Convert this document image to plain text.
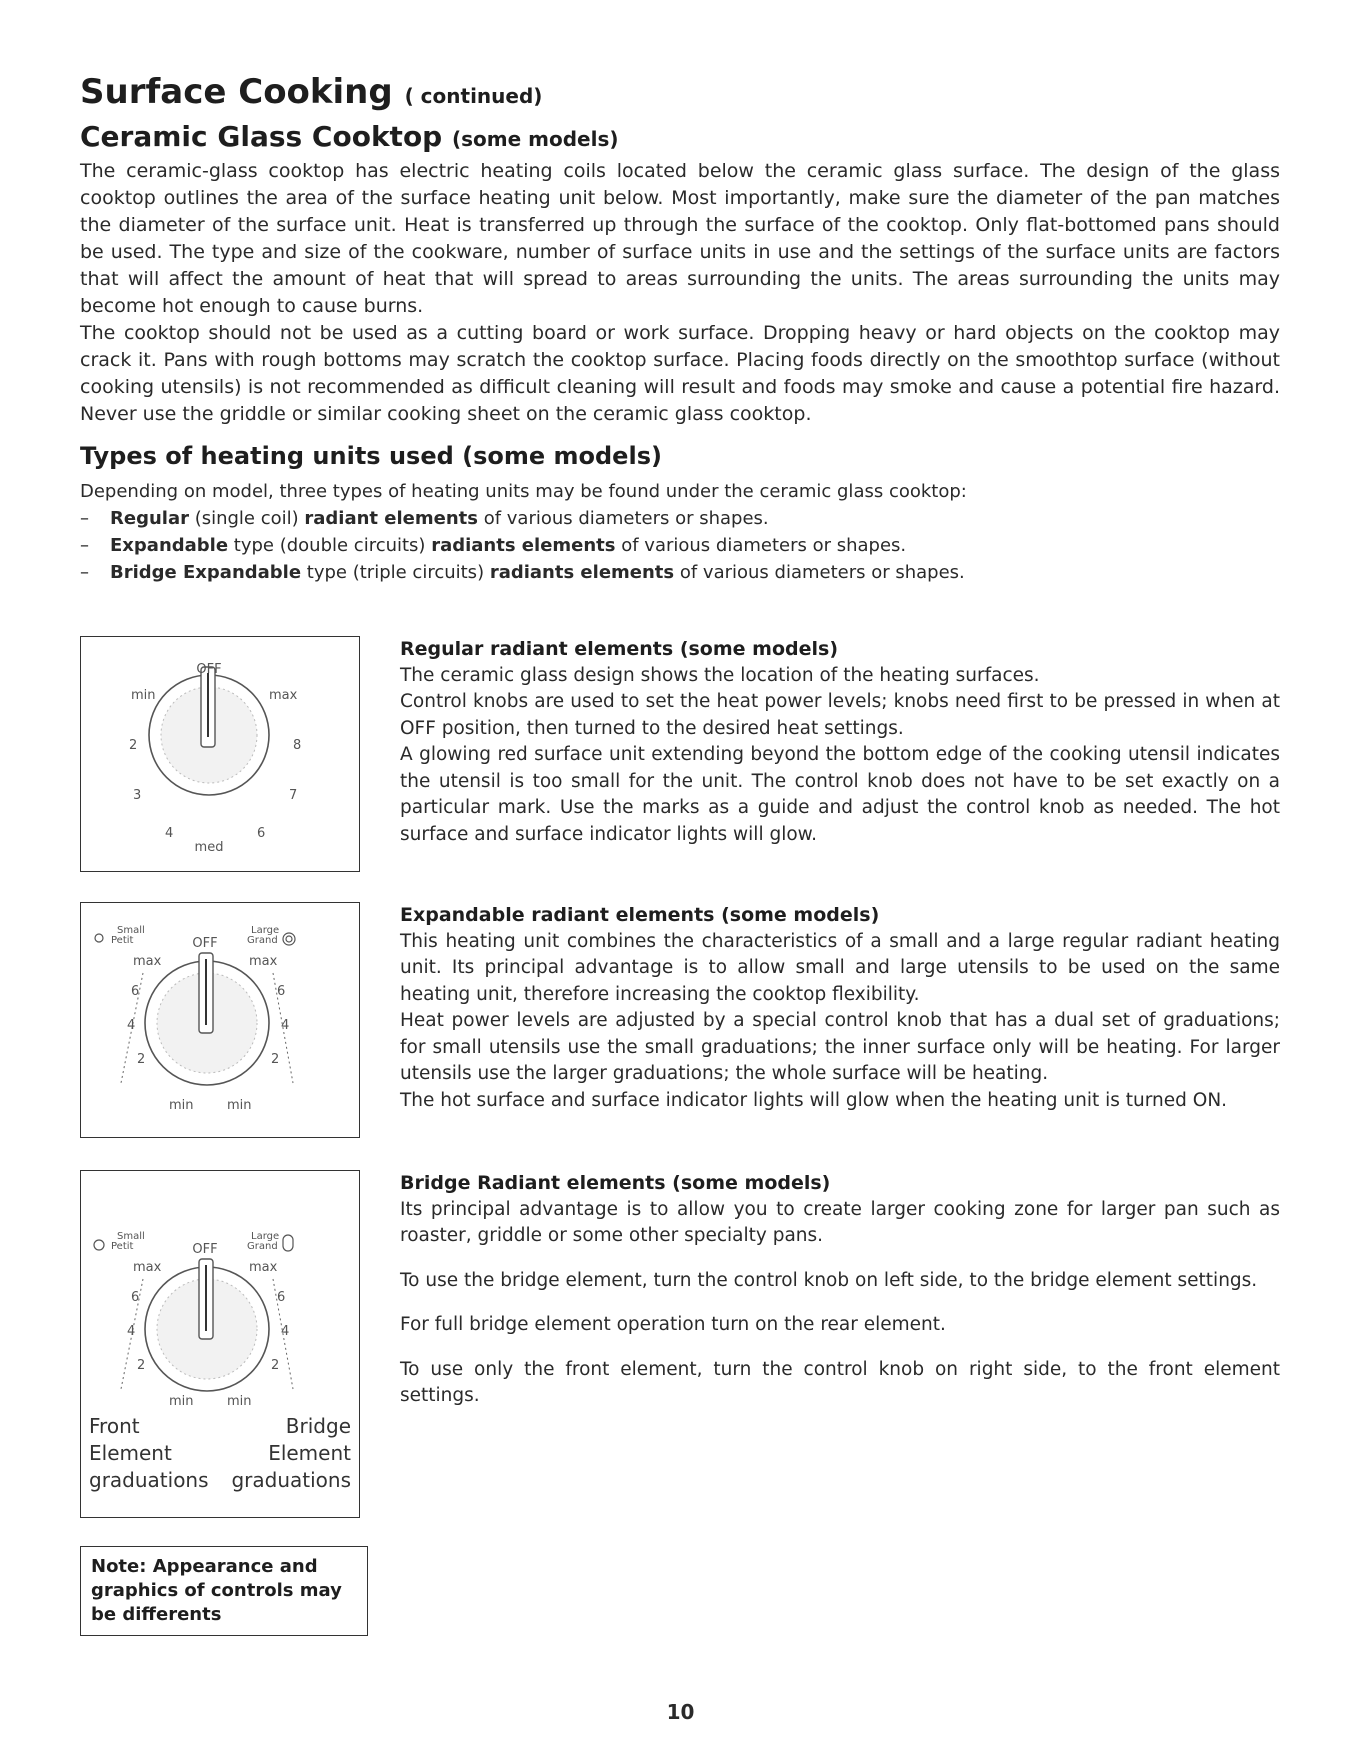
Surface Cooking ( continued)
Ceramic Glass Cooktop (some models)

The ceramic-glass cooktop has electric heating coils located below the ceramic glass surface. The design of the glass cooktop outlines the area of the surface heating unit below. Most importantly, make sure the diameter of the pan matches the diameter of the surface unit. Heat is transferred up through the surface of the cooktop. Only flat-bottomed pans should be used. The type and size of the cookware, number of surface units in use and the settings of the surface units are factors that will affect the amount of heat that will spread to areas surrounding the units. The areas surrounding the units may become hot enough to cause burns.

The cooktop should not be used as a cutting board or work surface. Dropping heavy or hard objects on the cooktop may crack it. Pans with rough bottoms may scratch the cooktop surface. Placing foods directly on the smoothtop surface (without cooking utensils) is not recommended as difficult cleaning will result and foods may smoke and cause a potential fire hazard. Never use the griddle or similar cooking sheet on the ceramic glass cooktop.

Types of heating units used (some models)
Depending on model, three types of heating units may be found under the ceramic glass cooktop:
– Regular (single coil) radiant elements of various diameters or shapes.
– Expandable type (double circuits) radiants elements of various diameters or shapes.
– Bridge Expandable type (triple circuits) radiants elements of various diameters or shapes.
OFF
min	max
2	8
3	7
4	6
med
Small
Petit	OFF
Large
Grand
max	max
6	6
4	4
2	2
min	min
Small
Petit	OFF
Large
Grand
max	max
6	6
4	4
2	2
min	min
Front
Element
graduations
Bridge
Element
graduations
Regular radiant elements (some models)

The ceramic glass design shows the location of the heating surfaces.

Control knobs are used to set the heat power levels; knobs need first to be pressed in when at OFF position, then turned to the desired heat settings.

A glowing red surface unit extending beyond the bottom edge of the cooking utensil indicates the utensil is too small for the unit. The control knob does not have to be set exactly on a particular mark. Use the marks as a guide and adjust the control knob as needed. The hot surface and surface indicator lights will glow.

Expandable radiant elements (some models)

This heating unit combines the characteristics of a small and a large regular radiant heating unit. Its principal advantage is to allow small and large utensils to be used on the same heating unit, therefore increasing the cooktop flexibility.

Heat power levels are adjusted by a special control knob that has a dual set of graduations; for small utensils use the small graduations; the inner surface only will be heating. For larger utensils use the larger graduations; the whole surface will be heating.

The hot surface and surface indicator lights will glow when the heating unit is turned ON.

Bridge Radiant elements (some models)

Its principal advantage is to allow you to create larger cooking zone for larger pan such as roaster, griddle or some other specialty pans.

To use the bridge element, turn the control knob on left side, to the bridge element settings.

For full bridge element operation turn on the rear element.

To use only the front element, turn the control knob on right side, to the front element settings.

Note: Appearance and graphics of controls may be differents
10
